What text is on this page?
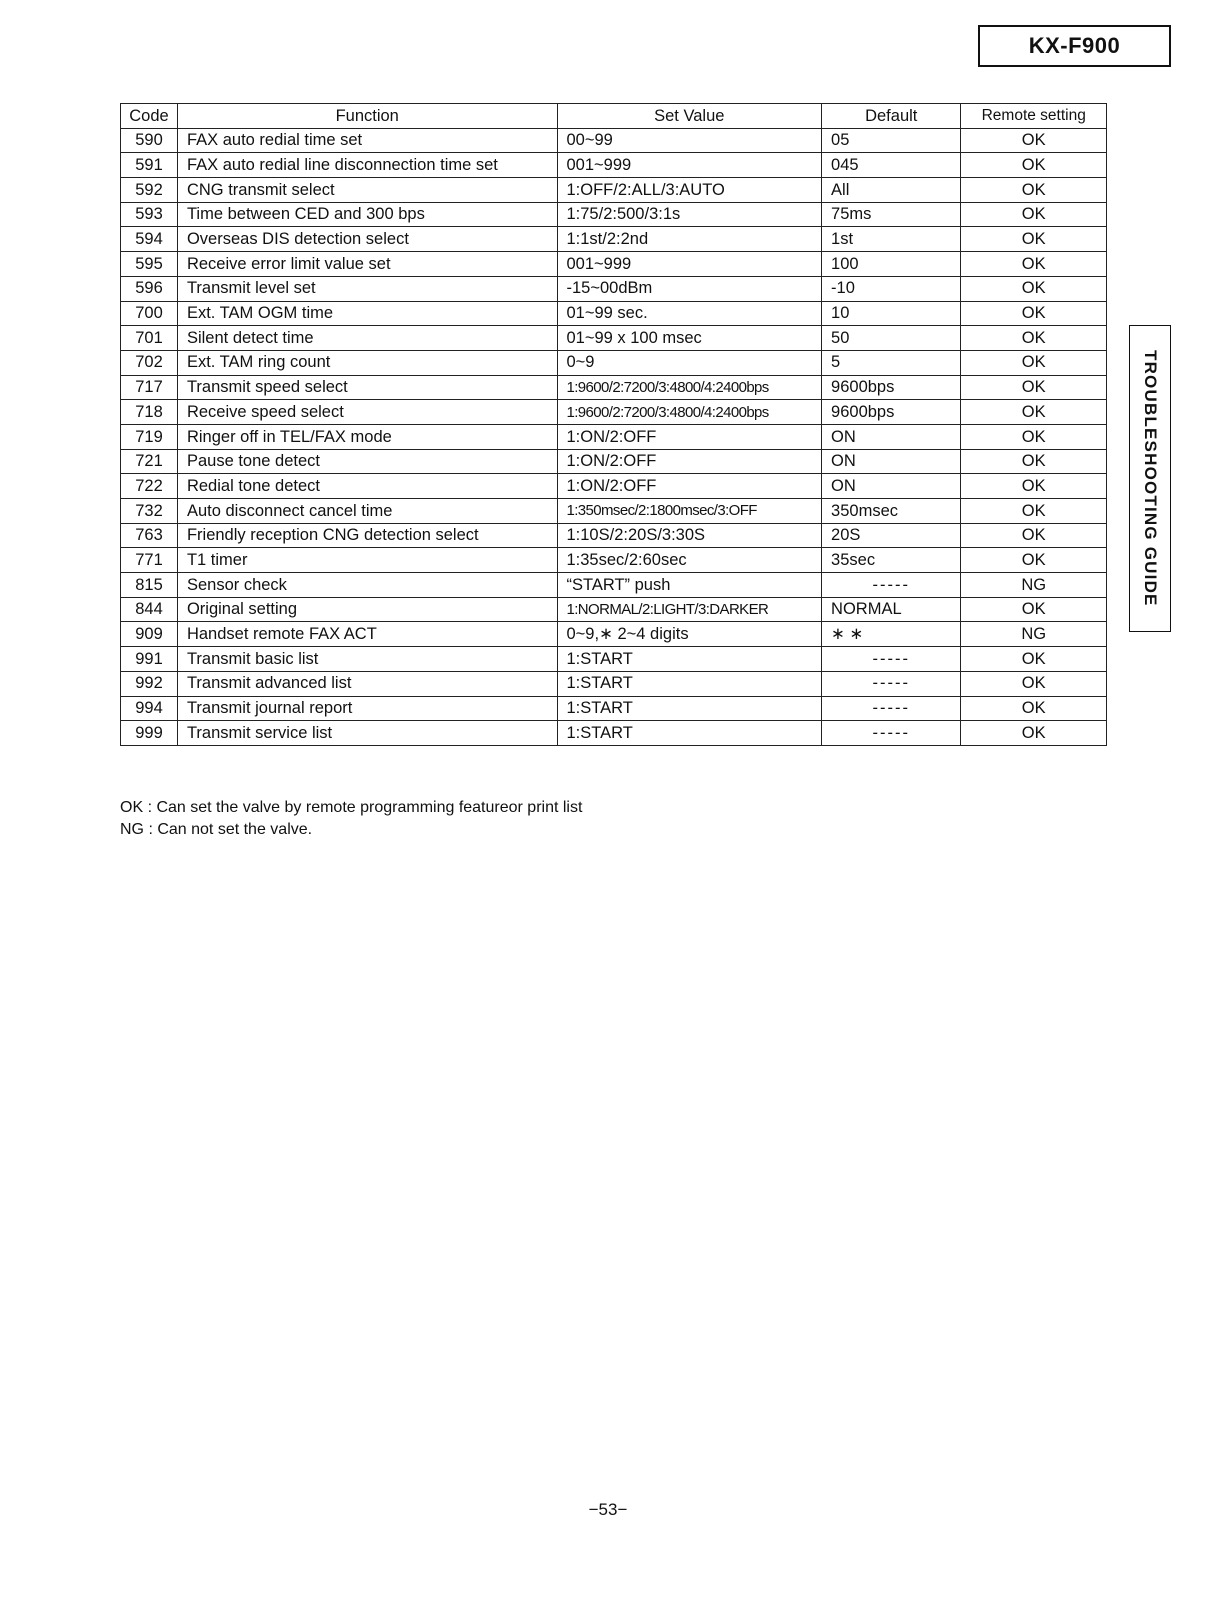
KX-F900
Code	Function	Set Value	Default	Remote setting
590	FAX auto redial time set	00~99	05	OK
591	FAX auto redial line disconnection time set	001~999	045	OK
592	CNG transmit select	1:OFF/2:ALL/3:AUTO	All	OK
593	Time between CED and 300 bps	1:75/2:500/3:1s	75ms	OK
594	Overseas DIS detection select	1:1st/2:2nd	1st	OK
595	Receive error limit value set	001~999	100	OK
596	Transmit level set	-15~00dBm	-10	OK
700	Ext. TAM OGM time	01~99 sec.	10	OK
701	Silent detect time	01~99 x 100 msec	50	OK
702	Ext. TAM ring count	0~9	5	OK
717	Transmit speed select	1:9600/2:7200/3:4800/4:2400bps	9600bps	OK
718	Receive speed select	1:9600/2:7200/3:4800/4:2400bps	9600bps	OK
719	Ringer off in TEL/FAX mode	1:ON/2:OFF	ON	OK
721	Pause tone detect	1:ON/2:OFF	ON	OK
722	Redial tone detect	1:ON/2:OFF	ON	OK
732	Auto disconnect cancel time	1:350msec/2:1800msec/3:OFF	350msec	OK
763	Friendly reception CNG detection select	1:10S/2:20S/3:30S	20S	OK
771	T1 timer	1:35sec/2:60sec	35sec	OK
815	Sensor check	“START” push	-----	NG
844	Original setting	1:NORMAL/2:LIGHT/3:DARKER	NORMAL	OK
909	Handset remote FAX ACT	0~9,∗ 2~4 digits	∗ ∗	NG
991	Transmit basic list	1:START	-----	OK
992	Transmit advanced list	1:START	-----	OK
994	Transmit journal report	1:START	-----	OK
999	Transmit service list	1:START	-----	OK
OK : Can set the valve by remote programming featureor print list
NG : Can not set the valve.
TROUBLESHOOTING GUIDE
−53−
